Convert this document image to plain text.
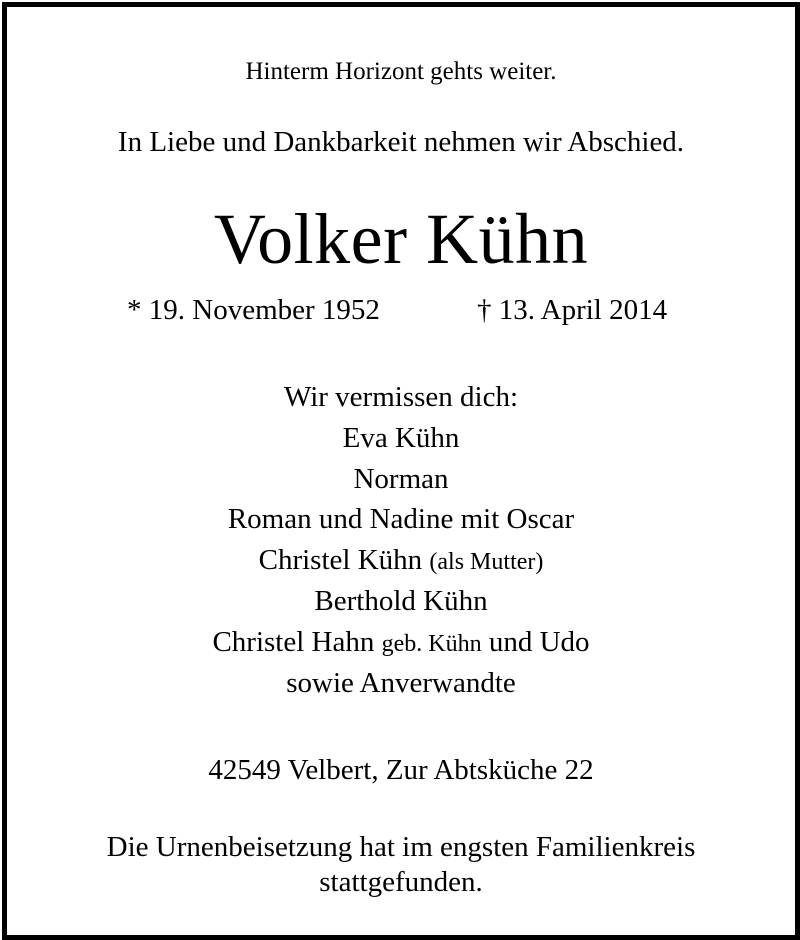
Hinterm Horizont gehts weiter.
In Liebe und Dankbarkeit nehmen wir Abschied.
Volker Kühn
* 19. November 1952	† 13. April 2014
Wir vermissen dich:
Eva Kühn
Norman
Roman und Nadine mit Oscar
Christel Kühn (als Mutter)
Berthold Kühn
Christel Hahn geb. Kühn und Udo
sowie Anverwandte
42549 Velbert, Zur Abtsküche 22
Die Urnenbeisetzung hat im engsten Familienkreis
stattgefunden.
